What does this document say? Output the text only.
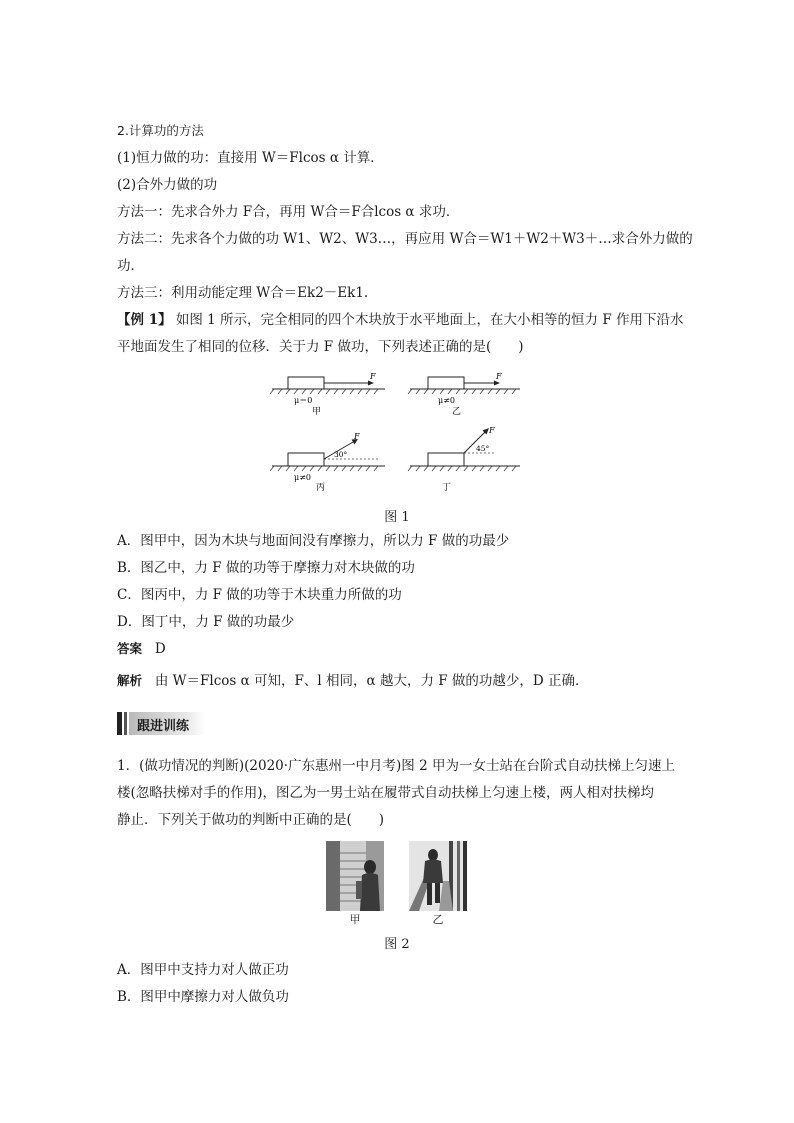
2.计算功的方法
(1)恒力做的功：直接用 W＝Flcos α 计算．
(2)合外力做的功
方法一：先求合外力 F合，再用 W合＝F合lcos α 求功．
方法二：先求各个力做的功 W1、W2、W3…，再应用 W合＝W1＋W2＋W3＋…求合外力做的
功．
方法三：利用动能定理 W合＝Ek2－Ek1.
【例 1】 如图 1 所示，完全相同的四个木块放于水平地面上，在大小相等的恒力 F 作用下沿水
平地面发生了相同的位移．关于力 F 做功，下列表述正确的是(　　)
F
μ＝0
甲
F
μ≠0
乙
F
30°
μ≠0
丙
F
45°
丁
图 1
A．图甲中，因为木块与地面间没有摩擦力，所以力 F 做的功最少
B．图乙中，力 F 做的功等于摩擦力对木块做的功
C．图丙中，力 F 做的功等于木块重力所做的功
D．图丁中，力 F 做的功最少
答案 D
解析 由 W＝Flcos α 可知，F、l 相同，α 越大，力 F 做的功越少，D 正确．
跟进训练
1．(做功情况的判断)(2020·广东惠州一中月考)图 2 甲为一女士站在台阶式自动扶梯上匀速上
楼(忽略扶梯对手的作用)，图乙为一男士站在履带式自动扶梯上匀速上楼，两人相对扶梯均
静止．下列关于做功的判断中正确的是(　　)
甲	乙
图 2
A．图甲中支持力对人做正功
B．图甲中摩擦力对人做负功
